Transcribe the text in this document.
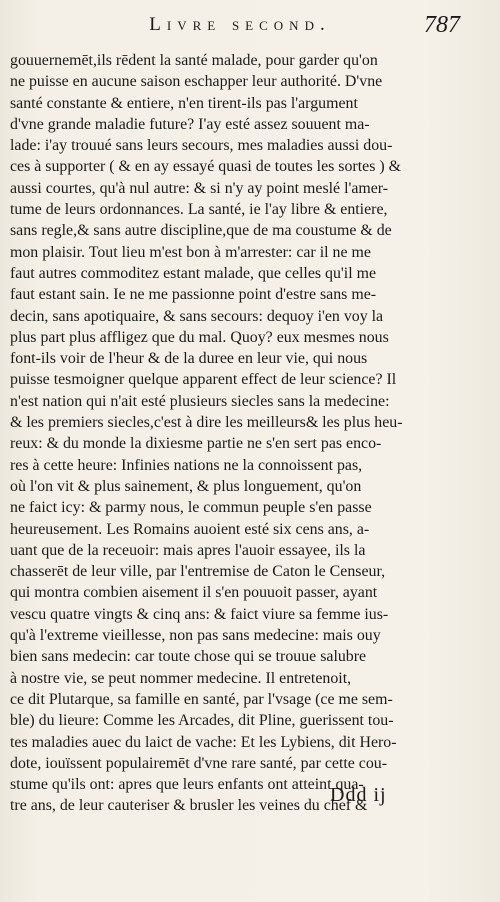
Livre second.	787
gouuernemēt,ils rēdent la santé malade, pour garder qu'on
ne puisse en aucune saison eschapper leur authorité. D'vne
santé constante & entiere, n'en tirent-ils pas l'argument
d'vne grande maladie future? I'ay esté assez souuent ma-
lade: i'ay trouué sans leurs secours, mes maladies aussi dou-
ces à supporter ( & en ay essayé quasi de toutes les sortes ) &
aussi courtes, qu'à nul autre: & si n'y ay point meslé l'amer-
tume de leurs ordonnances. La santé, ie l'ay libre & entiere,
sans regle,& sans autre discipline,que de ma coustume & de
mon plaisir. Tout lieu m'est bon à m'arrester: car il ne me
faut autres commoditez estant malade, que celles qu'il me
faut estant sain. Ie ne me passionne point d'estre sans me-
decin, sans apotiquaire, & sans secours: dequoy i'en voy la
plus part plus affligez que du mal. Quoy? eux mesmes nous
font-ils voir de l'heur & de la duree en leur vie, qui nous
puisse tesmoigner quelque apparent effect de leur science? Il
n'est nation qui n'ait esté plusieurs siecles sans la medecine:
& les premiers siecles,c'est à dire les meilleurs& les plus heu-
reux: & du monde la dixiesme partie ne s'en sert pas enco-
res à cette heure: Infinies nations ne la connoissent pas,
où l'on vit & plus sainement, & plus longuement, qu'on
ne faict icy: & parmy nous, le commun peuple s'en passe
heureusement. Les Romains auoient esté six cens ans, a-
uant que de la receuoir: mais apres l'auoir essayee, ils la
chasserēt de leur ville, par l'entremise de Caton le Censeur,
qui montra combien aisement il s'en pouuoit passer, ayant
vescu quatre vingts & cinq ans: & faict viure sa femme ius-
qu'à l'extreme vieillesse, non pas sans medecine: mais ouy
bien sans medecin: car toute chose qui se trouue salubre
à nostre vie, se peut nommer medecine. Il entretenoit,
ce dit Plutarque, sa famille en santé, par l'vsage (ce me sem-
ble) du lieure: Comme les Arcades, dit Pline, guerissent tou-
tes maladies auec du laict de vache: Et les Lybiens, dit Hero-
dote, iouïssent populairemēt d'vne rare santé, par cette cou-
stume qu'ils ont: apres que leurs enfants ont atteint qua-
tre ans, de leur cauteriser & brusler les veines du chef &
Ddd ij
